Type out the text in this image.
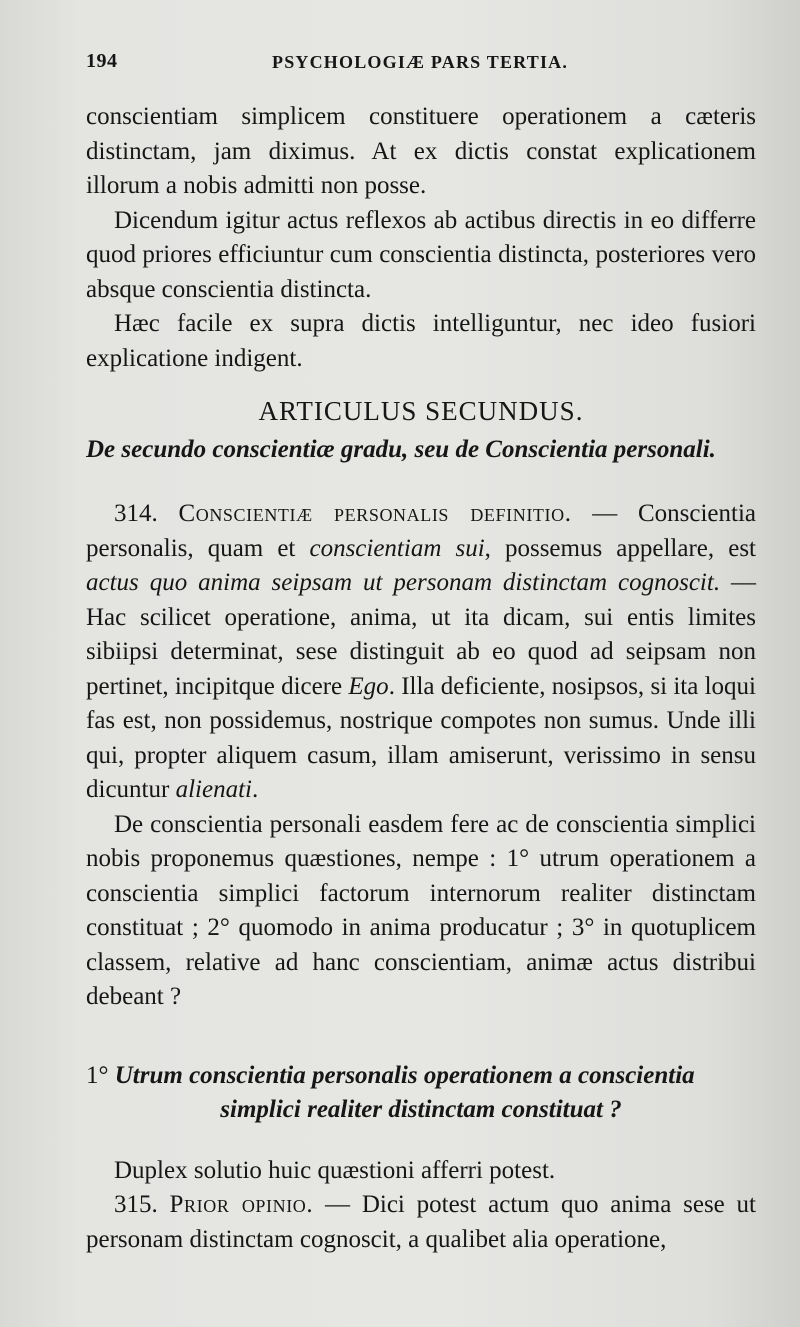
194	PSYCHOLOGIÆ PARS TERTIA.

conscientiam simplicem constituere operationem a cæteris distinctam, jam diximus. At ex dictis constat explicationem illorum a nobis admitti non posse.

Dicendum igitur actus reflexos ab actibus directis in eo differre quod priores efficiuntur cum conscientia distincta, posteriores vero absque conscientia distincta.

Hæc facile ex supra dictis intelliguntur, nec ideo fusiori explicatione indigent.

ARTICULUS SECUNDUS.
De secundo conscientiæ gradu, seu de Conscientia personali.

314. Conscientiæ personalis definitio. — Conscientia personalis, quam et conscientiam sui, possemus appellare, est actus quo anima seipsam ut personam distinctam cognoscit. — Hac scilicet operatione, anima, ut ita dicam, sui entis limites sibiipsi determinat, sese distinguit ab eo quod ad seipsam non pertinet, incipitque dicere Ego. Illa deficiente, nosipsos, si ita loqui fas est, non possidemus, nostrique compotes non sumus. Unde illi qui, propter aliquem casum, illam amiserunt, verissimo in sensu dicuntur alienati.

De conscientia personali easdem fere ac de conscientia simplici nobis proponemus quæstiones, nempe : 1° utrum operationem a conscientia simplici factorum internorum realiter distinctam constituat ; 2° quomodo in anima producatur ; 3° in quotuplicem classem, relative ad hanc conscientiam, animæ actus distribui debeant ?

1° Utrum conscientia personalis operationem a conscientia
simplici realiter distinctam constituat ?

Duplex solutio huic quæstioni afferri potest.

315. Prior opinio. — Dici potest actum quo anima sese ut personam distinctam cognoscit, a qualibet alia operatione,
